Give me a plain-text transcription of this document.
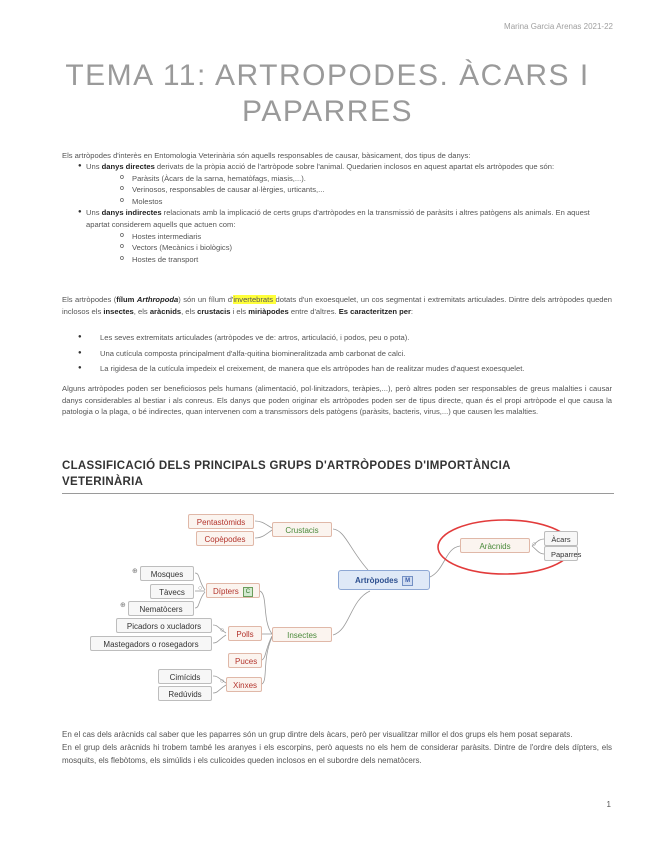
Marina Garcia Arenas 2021-22
TEMA 11: ARTROPODES. ÀCARS I PAPARRES
Els artròpodes d'interès en Entomologia Veterinària són aquells responsables de causar, bàsicament, dos tipus de danys:
● Uns danys directes derivats de la pròpia acció de l'artròpode sobre l'animal. Quedarien inclosos en aquest apartat els artròpodes que són:
o Paràsits (Àcars de la sarna, hematòfags, miasis,...).
o Verinosos, responsables de causar al·lèrgies, urticants,...
o Molestos
● Uns danys indirectes relacionats amb la implicació de certs grups d'artròpodes en la transmissió de paràsits i altres patògens als animals. En aquest apartat considerem aquells que actuen com:
o Hostes intermediaris
o Vectors (Mecànics i biològics)
o Hostes de transport
Els artròpodes (fílum Arthropoda) són un fílum d'invertebrats dotats d'un exoesquelet, un cos segmentat i extremitats articulades. Dintre dels artròpodes queden inclosos els insectes, els aràcnids, els crustacis i els miriàpodes entre d'altres. Es caracteritzen per:
● Les seves extremitats articulades (artròpodes ve de: artros, articulació, i podos, peu o pota).
● Una cutícula composta principalment d'alfa-quitina biomineralitzada amb carbonat de calci.
● La rigidesa de la cutícula impedeix el creixement, de manera que els artròpodes han de realitzar mudes d'aquest exoesquelet.
Alguns artròpodes poden ser beneficiosos pels humans (alimentació, pol·linitzadors, teràpies,...), però altres poden ser responsables de greus malalties i causar danys considerables al bestiar i als conreus. Els danys que poden originar els artròpodes poden ser de tipus directe, quan és el propi artròpode el que causa la patologia o la plaga, o bé indirectes, quan intervenen com a transmissors dels patògens (paràsits, bacteris, virus,...) que causen les malalties.
CLASSIFICACIÓ DELS PRINCIPALS GRUPS D'ARTRÒPODES D'IMPORTÀNCIA VETERINÀRIA
Artròpodes M
Crustacis
Pentastòmids
Copèpodes
Aràcnids	○
Àcars
Paparres
Insectes
○	Dípters C
⊕	Mosques
Tàvecs
⊕	Nematòcers
○	Polls
Picadors o xucladors
Mastegadors o rosegadors
Puces
○	Xinxes
Cimícids
Redúvids
En el cas dels aràcnids cal saber que les paparres són un grup dintre dels àcars, però per visualitzar millor el dos grups els hem posat separats.
En el grup dels aràcnids hi trobem també les aranyes i els escorpins, però aquests no els hem de considerar paràsits. Dintre de l'ordre dels dípters, els mosquits, els flebòtoms, els simúlids i els culicoides queden inclosos en el subordre dels nematòcers.
1
